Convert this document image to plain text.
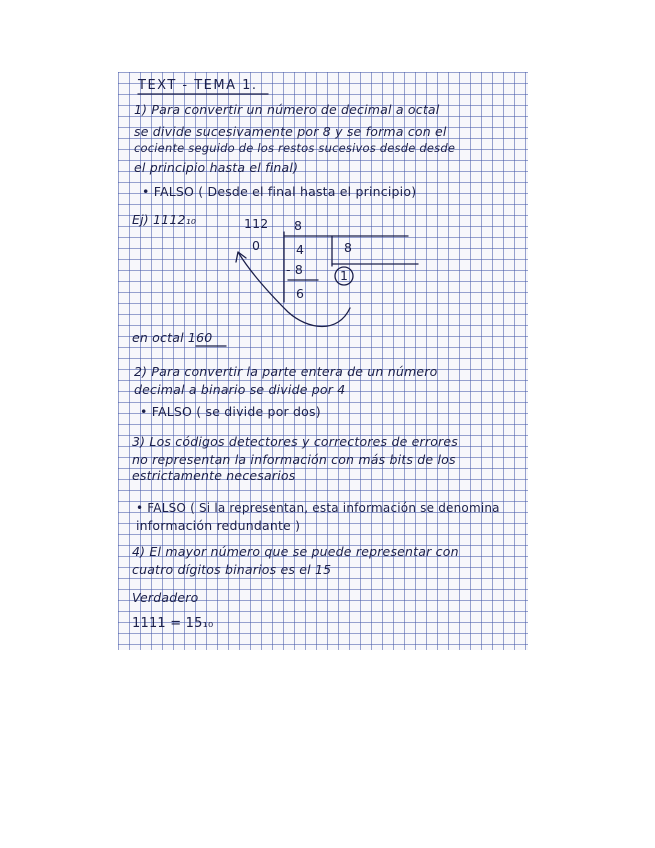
TEXT - TEMA 1.
1) Para convertir un número de decimal a octal
se divide sucesivamente por 8 y se forma con el
cociente seguido de los restos sucesivos desde desde
el principio hasta el final)
• FALSO ( Desde el final hasta el principio)
Ej) 1112₁₀	112 8
0	4	8
- 8	1
6
en octal 160
2) Para convertir la parte entera de un número
decimal a binario se divide por 4
• FALSO ( se divide por dos)
3) Los códigos detectores y correctores de errores
no representan la información con más bits de los
estrictamente necesarios
• FALSO ( Si la representan, esta información se denomina
información redundante )
4) El mayor número que se puede representar con
cuatro dígitos binarios es el 15
Verdadero
1111 = 15₁₀
